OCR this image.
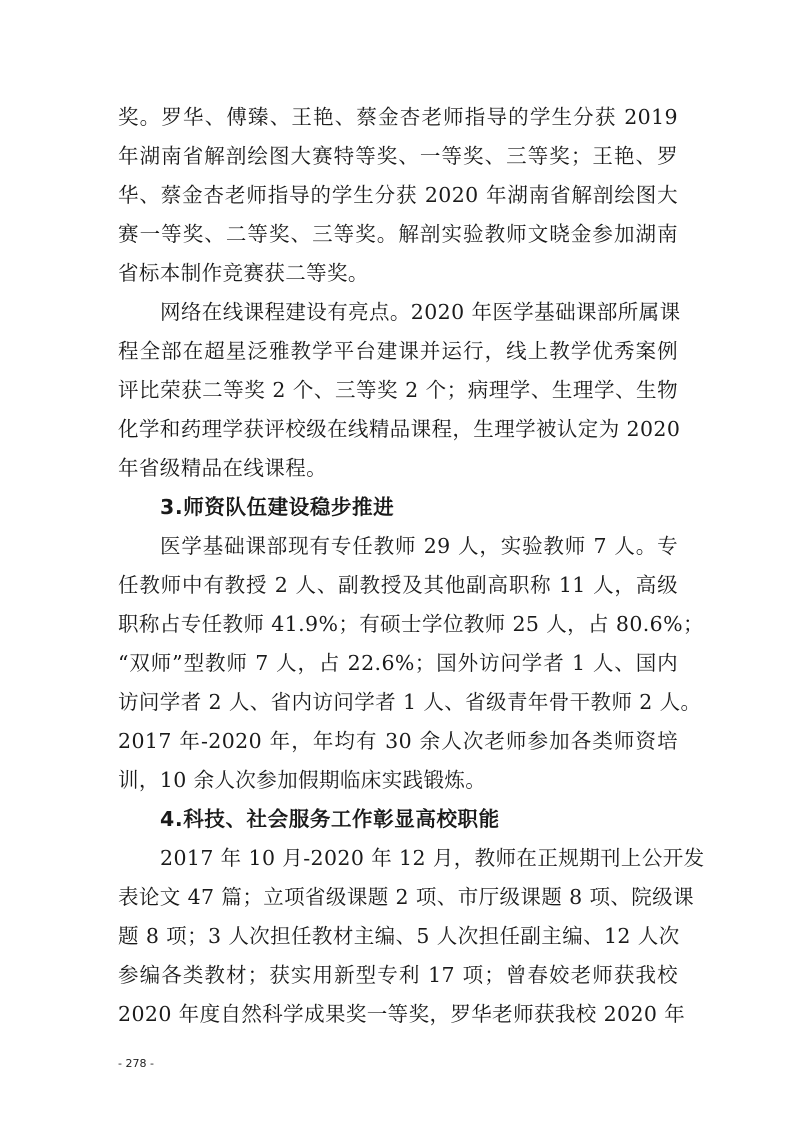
奖。罗华、傅臻、王艳、蔡金杏老师指导的学生分获 2019
年湖南省解剖绘图大赛特等奖、一等奖、三等奖；王艳、罗
华、蔡金杏老师指导的学生分获 2020 年湖南省解剖绘图大
赛一等奖、二等奖、三等奖。解剖实验教师文晓金参加湖南
省标本制作竞赛获二等奖。
网络在线课程建设有亮点。2020 年医学基础课部所属课
程全部在超星泛雅教学平台建课并运行，线上教学优秀案例
评比荣获二等奖 2 个、三等奖 2 个；病理学、生理学、生物
化学和药理学获评校级在线精品课程，生理学被认定为 2020
年省级精品在线课程。
3.师资队伍建设稳步推进
医学基础课部现有专任教师 29 人，实验教师 7 人。专
任教师中有教授 2 人、副教授及其他副高职称 11 人，高级
职称占专任教师 41.9%；有硕士学位教师 25 人，占 80.6%；
“双师”型教师 7 人，占 22.6%；国外访问学者 1 人、国内
访问学者 2 人、省内访问学者 1 人、省级青年骨干教师 2 人。
2017 年-2020 年，年均有 30 余人次老师参加各类师资培
训，10 余人次参加假期临床实践锻炼。
4.科技、社会服务工作彰显高校职能
2017 年 10 月-2020 年 12 月，教师在正规期刊上公开发
表论文 47 篇；立项省级课题 2 项、市厅级课题 8 项、院级课
题 8 项；3 人次担任教材主编、5 人次担任副主编、12 人次
参编各类教材；获实用新型专利 17 项；曾春姣老师获我校
2020 年度自然科学成果奖一等奖，罗华老师获我校 2020 年
- 278 -
